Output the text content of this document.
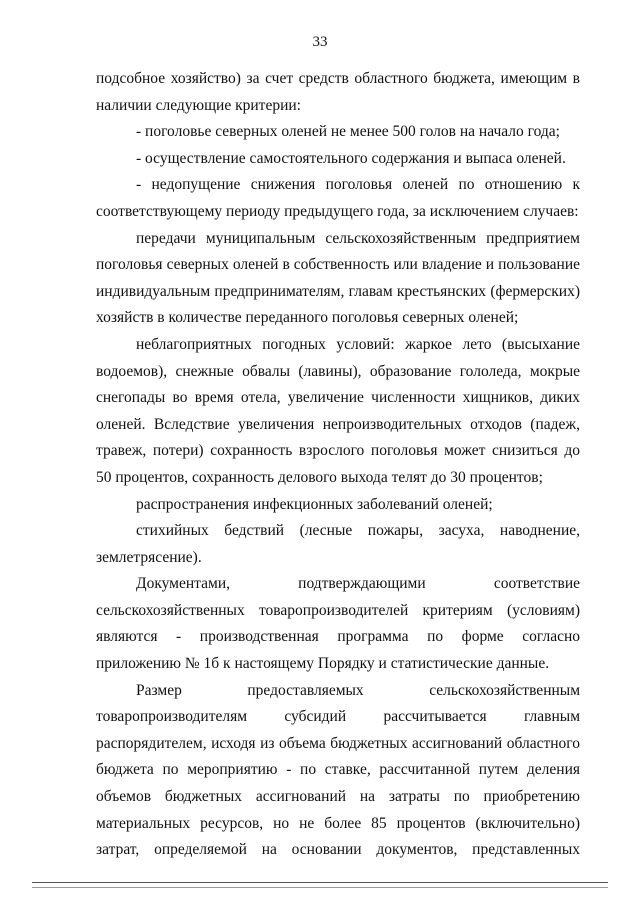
33

подсобное хозяйство) за счет средств областного бюджета, имеющим в наличии следующие критерии:

- поголовье северных оленей не менее 500 голов на начало года;

- осуществление самостоятельного содержания и выпаса оленей.

- недопущение снижения поголовья оленей по отношению к соответствующему периоду предыдущего года, за исключением случаев:

передачи муниципальным сельскохозяйственным предприятием поголовья северных оленей в собственность или владение и пользование индивидуальным предпринимателям, главам крестьянских (фермерских) хозяйств в количестве переданного поголовья северных оленей;

неблагоприятных погодных условий: жаркое лето (высыхание водоемов), снежные обвалы (лавины), образование гололеда, мокрые снегопады во время отела, увеличение численности хищников, диких оленей. Вследствие увеличения непроизводительных отходов (падеж, травеж, потери) сохранность взрослого поголовья может снизиться до 50 процентов, сохранность делового выхода телят до 30 процентов;

распространения инфекционных заболеваний оленей;

стихийных бедствий (лесные пожары, засуха, наводнение, землетрясение).

Документами, подтверждающими соответствие сельскохозяйственных товаропроизводителей критериям (условиям) являются - производственная программа по форме согласно приложению № 1б к настоящему Порядку и статистические данные.

Размер предоставляемых сельскохозяйственным товаропроизводителям субсидий рассчитывается главным распорядителем, исходя из объема бюджетных ассигнований областного бюджета по мероприятию - по ставке, рассчитанной путем деления объемов бюджетных ассигнований на затраты по приобретению материальных ресурсов, но не более 85 процентов (включительно) затрат, определяемой на основании документов, представленных
